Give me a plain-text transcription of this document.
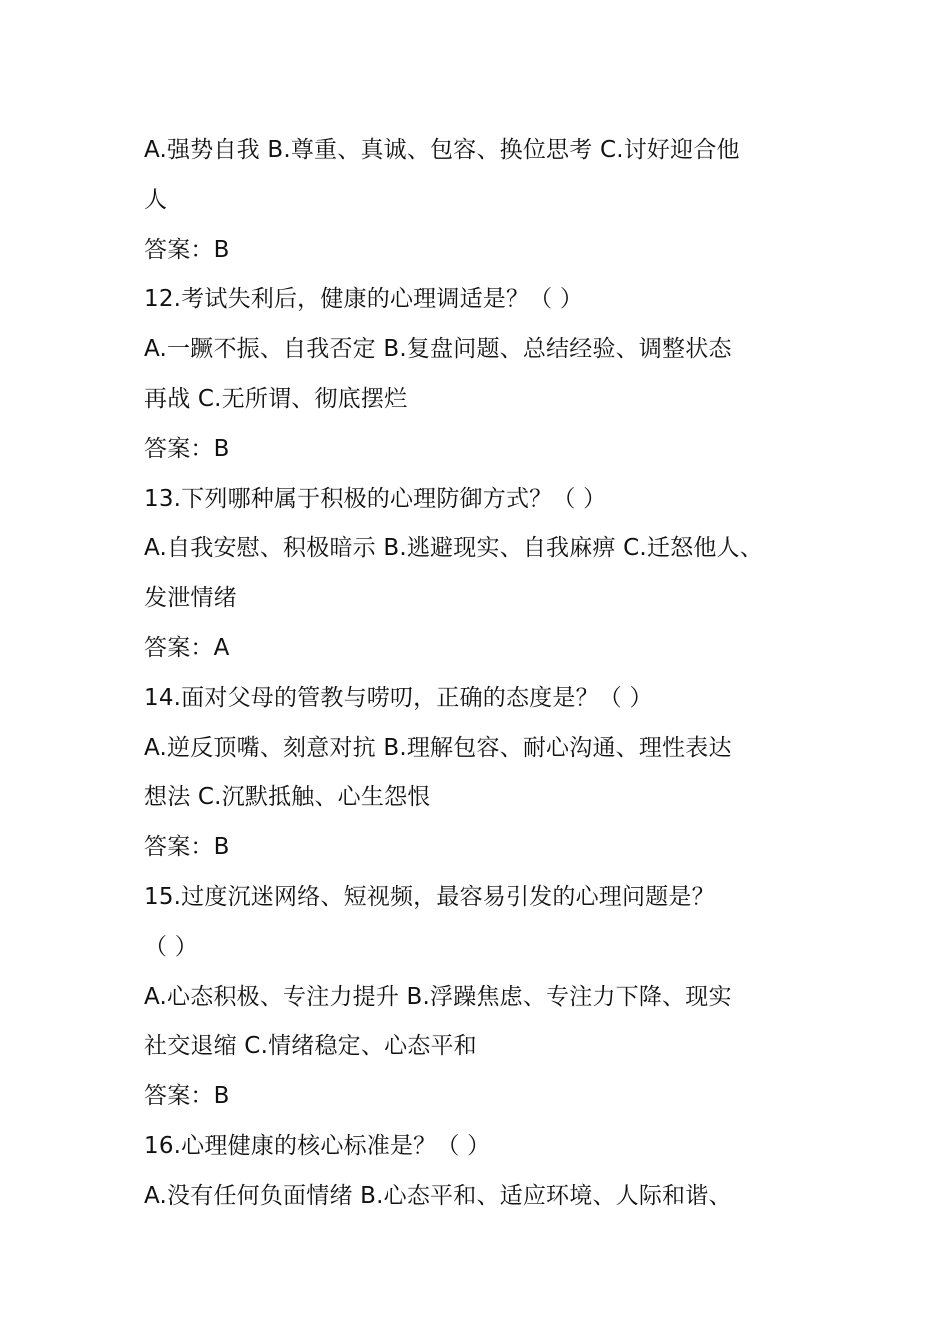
A.强势自我 B.尊重、真诚、包容、换位思考 C.讨好迎合他
人
答案：B
12.考试失利后，健康的心理调适是？（ ）
A.一蹶不振、自我否定 B.复盘问题、总结经验、调整状态
再战 C.无所谓、彻底摆烂
答案：B
13.下列哪种属于积极的心理防御方式？（ ）
A.自我安慰、积极暗示 B.逃避现实、自我麻痹 C.迁怒他人、
发泄情绪
答案：A
14.面对父母的管教与唠叨，正确的态度是？（ ）
A.逆反顶嘴、刻意对抗 B.理解包容、耐心沟通、理性表达
想法 C.沉默抵触、心生怨恨
答案：B
15.过度沉迷网络、短视频，最容易引发的心理问题是？
（ ）
A.心态积极、专注力提升 B.浮躁焦虑、专注力下降、现实
社交退缩 C.情绪稳定、心态平和
答案：B
16.心理健康的核心标准是？（ ）
A.没有任何负面情绪 B.心态平和、适应环境、人际和谐、
